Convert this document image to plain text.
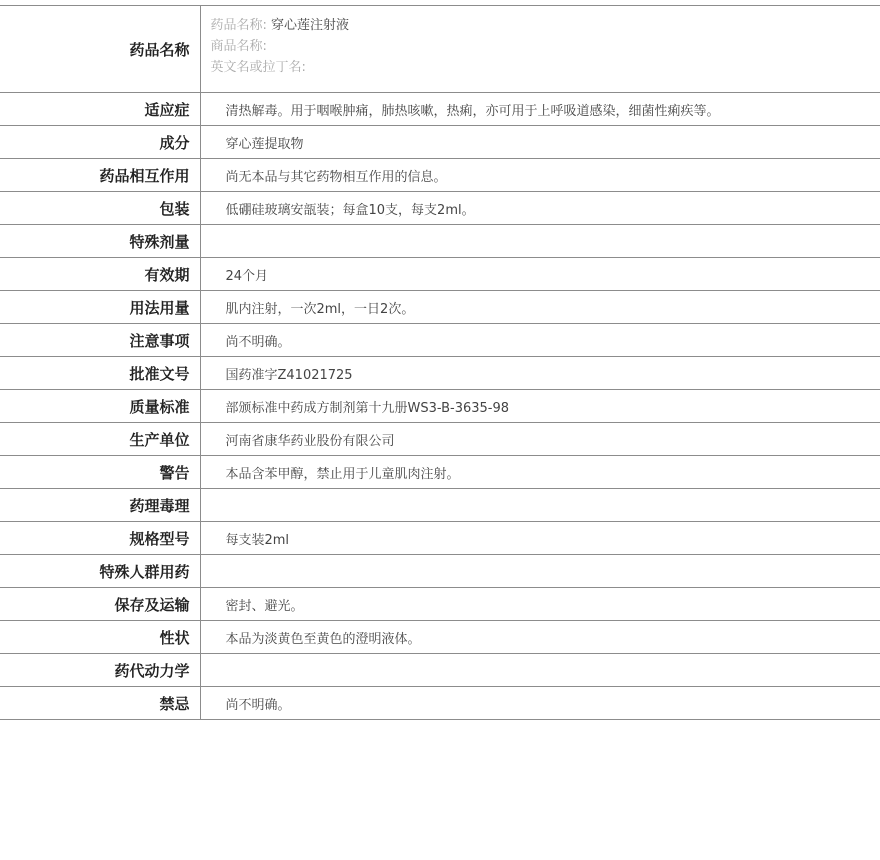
药品名称	药品名称: 穿心莲注射液
商品名称:
英文名或拉丁名:

适应症	清热解毒。用于咽喉肿痛，肺热咳嗽，热痢，亦可用于上呼吸道感染，细菌性痢疾等。
成分	穿心莲提取物
药品相互作用	尚无本品与其它药物相互作用的信息。
包装	低硼硅玻璃安瓿装；每盒10支，每支2ml。
特殊剂量	
有效期	24个月
用法用量	肌内注射，一次2ml，一日2次。
注意事项	尚不明确。
批准文号	国药准字Z41021725
质量标准	部颁标准中药成方制剂第十九册WS3-B-3635-98
生产单位	河南省康华药业股份有限公司
警告	本品含苯甲醇，禁止用于儿童肌肉注射。
药理毒理	
规格型号	每支装2ml
特殊人群用药	
保存及运输	密封、避光。
性状	本品为淡黄色至黄色的澄明液体。
药代动力学	
禁忌	尚不明确。
